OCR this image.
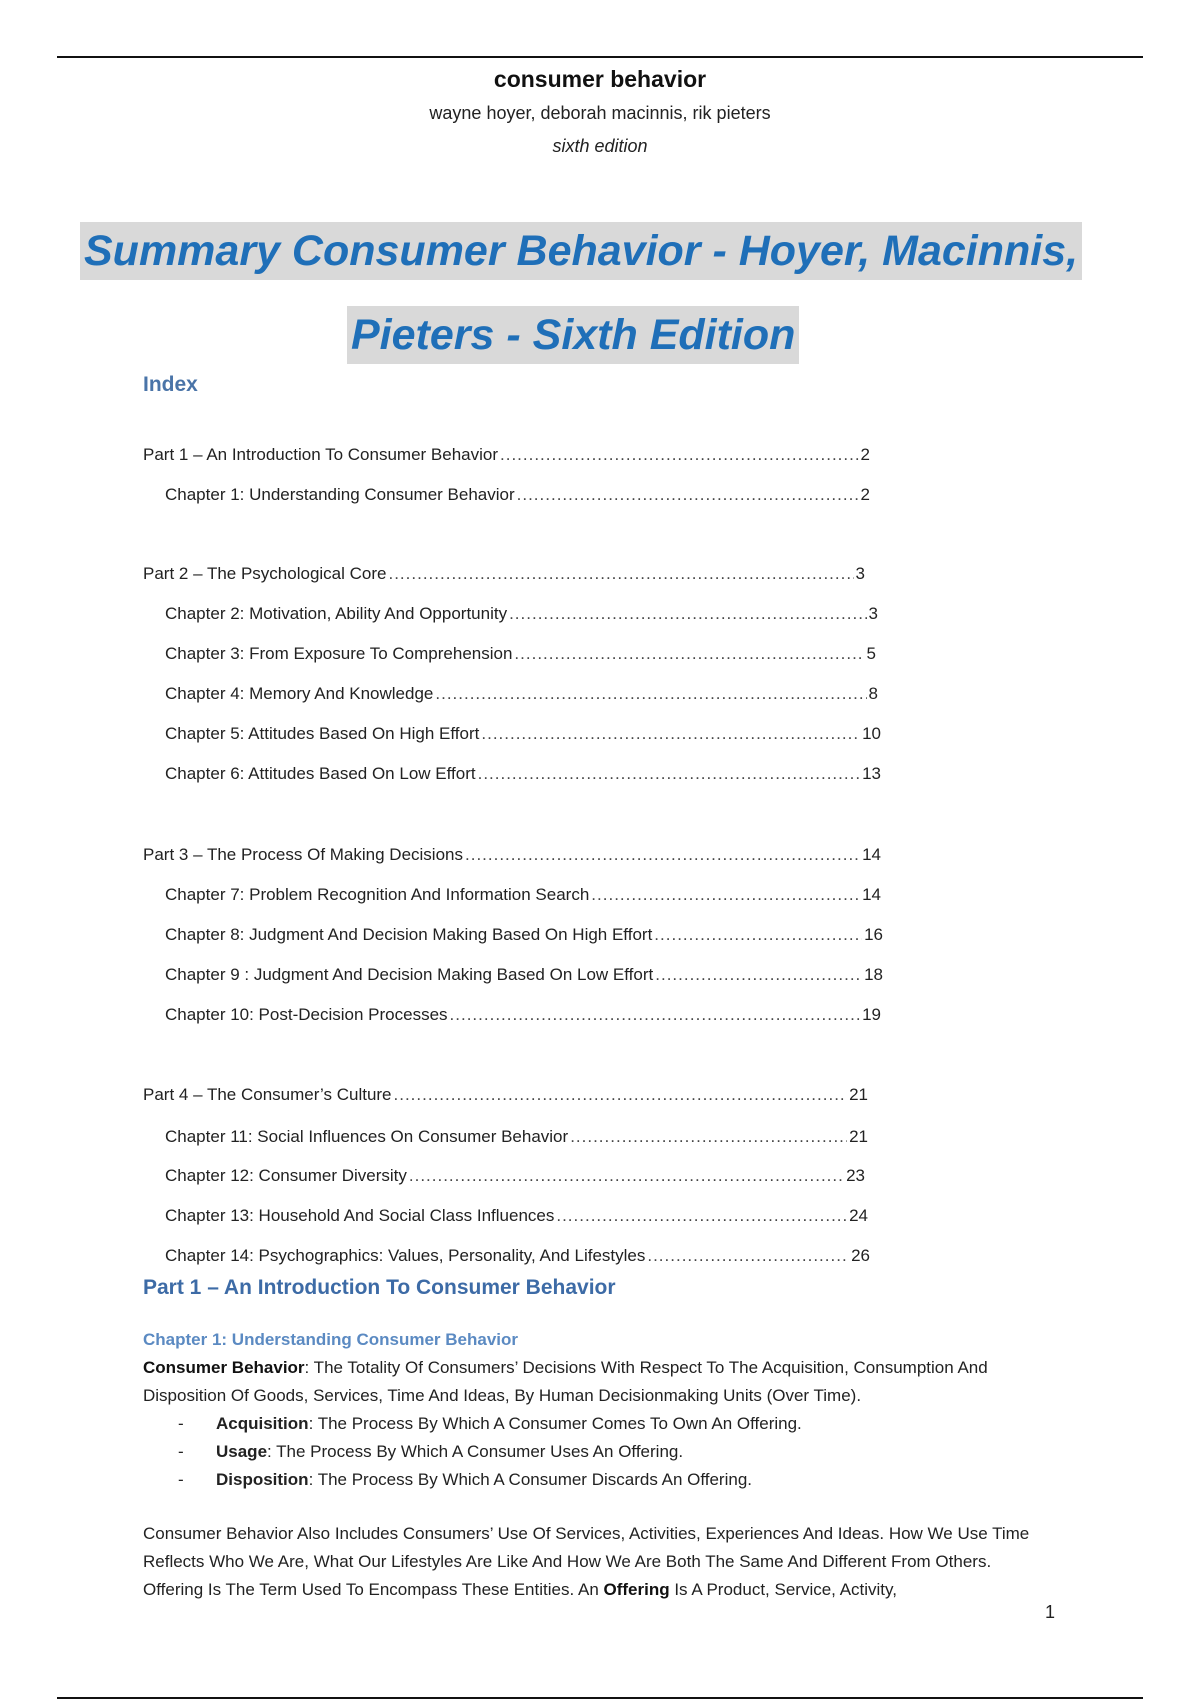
consumer behavior
wayne hoyer, deborah macinnis, rik pieters
sixth edition
Summary Consumer Behavior - Hoyer, Macinnis,
Pieters - Sixth Edition
Index
Part 1 – An Introduction To Consumer Behavior .....	2
Chapter 1: Understanding Consumer Behavior .....	2
Part 2 – The Psychological Core .....	3
Chapter 2: Motivation, Ability And Opportunity .....	3
Chapter 3: From Exposure To Comprehension .....	5
Chapter 4: Memory And Knowledge .....	8
Chapter 5: Attitudes Based On High Effort .....	10
Chapter 6: Attitudes Based On Low Effort .....	13
Part 3 – The Process Of Making Decisions .....	14
Chapter 7: Problem Recognition And Information Search .....	14
Chapter 8: Judgment And Decision Making Based On High Effort .....	16
Chapter 9 : Judgment And Decision Making Based On Low Effort .....	18
Chapter 10: Post-Decision Processes .....	19
Part 4 – The Consumer’s Culture .....	21
Chapter 11: Social Influences On Consumer Behavior .....	21
Chapter 12: Consumer Diversity .....	23
Chapter 13: Household And Social Class Influences .....	24
Chapter 14: Psychographics: Values, Personality, And Lifestyles .....	26
Part 1 – An Introduction To Consumer Behavior
Chapter 1: Understanding Consumer Behavior
Consumer Behavior: The Totality Of Consumers’ Decisions With Respect To The Acquisition, Consumption And Disposition Of Goods, Services, Time And Ideas, By Human Decisionmaking Units (Over Time).
- Acquisition: The Process By Which A Consumer Comes To Own An Offering.
- Usage: The Process By Which A Consumer Uses An Offering.
- Disposition: The Process By Which A Consumer Discards An Offering.
Consumer Behavior Also Includes Consumers’ Use Of Services, Activities, Experiences And Ideas. How We Use Time Reflects Who We Are, What Our Lifestyles Are Like And How We Are Both The Same And Different From Others. Offering Is The Term Used To Encompass These Entities. An Offering Is A Product, Service, Activity,
1
